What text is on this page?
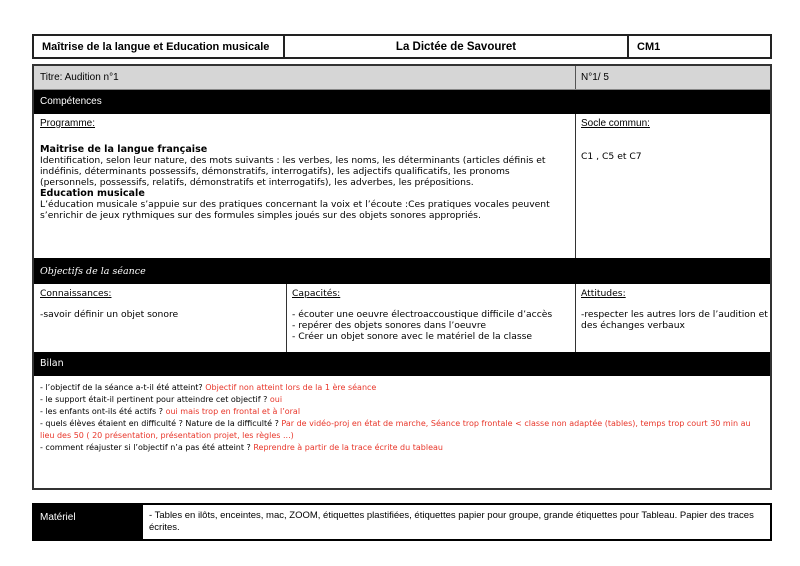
Maîtrise de la langue et Education musicale	La Dictée de Savouret	CM1
Titre: Audition n°1	N°1/ 5
Compétences
Programme:
Maitrise de la langue française
Identification, selon leur nature, des mots suivants : les verbes, les noms, les déterminants (articles définis et indéfinis, déterminants possessifs, démonstratifs, interrogatifs), les adjectifs qualificatifs, les pronoms (personnels, possessifs, relatifs, démonstratifs et interrogatifs), les adverbes, les prépositions.
Education musicale
L’éducation musicale s’appuie sur des pratiques concernant la voix et l’écoute :Ces pratiques vocales peuvent s’enrichir de jeux rythmiques sur des formules simples joués sur des objets sonores appropriés.
Socle commun:
C1 , C5 et C7
Objectifs de la séance
Connaissances:
-savoir définir un objet sonore
Capacités:
- écouter une oeuvre électroaccoustique difficile d’accès
- repérer des objets sonores dans l’oeuvre
- Créer un objet sonore avec le matériel de la classe
Attitudes:
-respecter les autres lors de l’audition et des échanges verbaux
Bilan
- l’objectif de la séance a-t-il été atteint? Objectif non atteint lors de la 1 ère séance
- le support était-il pertinent pour atteindre cet objectif ? oui
- les enfants ont-ils été actifs ? oui mais trop en frontal et à l’oral
- quels élèves étaient en difficulté ? Nature de la difficulté ? Par de vidéo-proj en état de marche, Séance trop frontale < classe non adaptée (tables), temps trop court 30 min au lieu des 50 ( 20 présentation, présentation projet, les règles ...)
- comment réajuster si l’objectif n’a pas été atteint ? Reprendre à partir de la trace écrite du tableau
Matériel	- Tables en ilôts, enceintes, mac, ZOOM, étiquettes plastifiées, étiquettes papier pour groupe, grande étiquettes pour Tableau. Papier des traces écrites.
